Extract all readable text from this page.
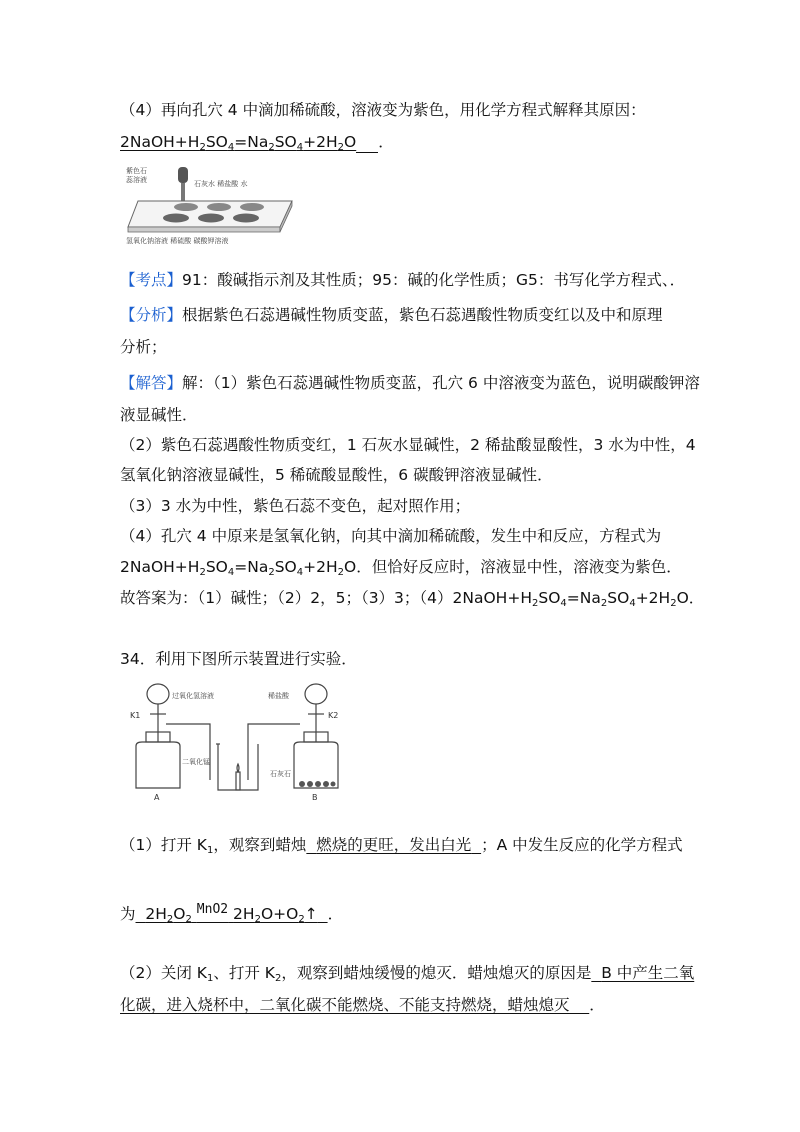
（4）再向孔穴 4 中滴加稀硫酸，溶液变为紫色，用化学方程式解释其原因：
$2NaOH+H_2SO_4=Na_2SO_4+2H_2O$ ．
紫色石
蕊溶液	石灰水 稀盐酸 水
氢氧化钠溶液 稀硫酸 碳酸钾溶液
【考点】91：酸碱指示剂及其性质；95：碱的化学性质；G5：书写化学方程式、．
【分析】根据紫色石蕊遇碱性物质变蓝，紫色石蕊遇酸性物质变红以及中和原理
分析；
【解答】解：（1）紫色石蕊遇碱性物质变蓝，孔穴 6 中溶液变为蓝色，说明碳酸钾溶
液显碱性．
（2）紫色石蕊遇酸性物质变红，1 石灰水显碱性，2 稀盐酸显酸性，3 水为中性，4
氢氧化钠溶液显碱性，5 稀硫酸显酸性，6 碳酸钾溶液显碱性．
（3）3 水为中性，紫色石蕊不变色，起对照作用；
（4）孔穴 4 中原来是氢氧化钠，向其中滴加稀硫酸，发生中和反应，方程式为
$2NaOH+H_2SO_4=Na_2SO_4+2H_2O$．但恰好反应时，溶液显中性，溶液变为紫色．
故答案为：（1）碱性；（2）2，5；（3）3；$(4)2NaOH+H_2SO_4=Na_2SO_4+2H_2O$．
34．利用下图所示装置进行实验．
K1	K2
过氧化氢溶液	稀盐酸
二氧化锰
石灰石
A	B
（1）打开 $K_1$，观察到蜡烛 燃烧的更旺，发出白光 ；A 中发生反应的化学方程式
为 $2H_2O_2$ $^{MnO2}$ $2H_2O+O_2↑$ ．
（2）关闭 $K_1$、打开 $K_2$，观察到蜡烛缓慢的熄灭．蜡烛熄灭的原因是 B 中产生二氧
化碳，进入烧杯中，二氧化碳不能燃烧、不能支持燃烧，蜡烛熄灭 ．
